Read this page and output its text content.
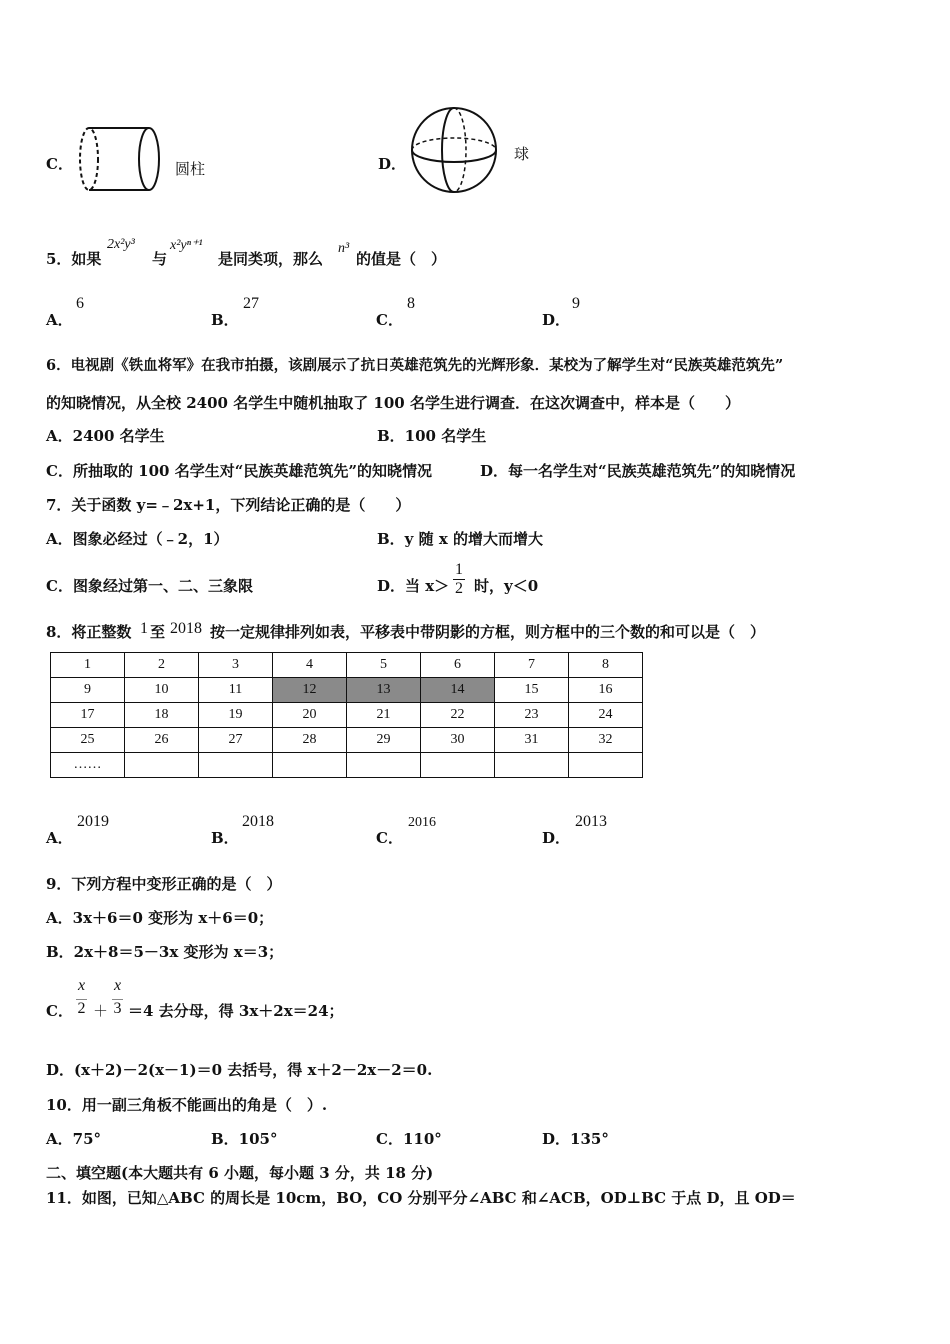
C．	圆柱	D．
球
5．如果
2x²y³
与
x²yⁿ⁺¹
是同类项，那么
n³
的值是（　）
A．
6
B．
27
C．
8
D．
9
6．电视剧《铁血将军》在我市拍摄，该剧展示了抗日英雄范筑先的光辉形象．某校为了解学生对“民族英雄范筑先”
的知晓情况，从全校 2400 名学生中随机抽取了 100 名学生进行调查．在这次调查中，样本是（　　）
A．2400 名学生	B．100 名学生
C．所抽取的 100 名学生对“民族英雄范筑先”的知晓情况	D．每一名学生对“民族英雄范筑先”的知晓情况
7．关于函数 y=﹣2x+1，下列结论正确的是（　　）
A．图象必经过（﹣2，1）	B．y 随 x 的增大而增大
C．图象经过第一、二、三象限	D．当 $x> \frac{1}{2}$ 时，y＜0
8．将正整数 1 至 2018 按一定规律排列如表，平移表中带阴影的方框，则方框中的三个数的和可以是（　）
1	2	3	4	5	6	7	8
9	10	11	12	13	14	15	16
17	18	19	20	21	22	23	24
25	26	27	28	29	30	31	32
……							
A．
2019
B．
2018
C．
2016
D．
2013
9．下列方程中变形正确的是（　）
A．3x＋6＝0 变形为 x＋6＝0；
B．2x＋8＝5－3x 变形为 x＝3；
C． $\frac{x}{2} + \frac{x}{3} =4$ 去分母，得 3x＋2x＝24；
D．(x＋2)－2(x－1)＝0 去括号，得 x＋2－2x－2＝0.
10．用一副三角板不能画出的角是（　）.
A．75°	B．105°	C．110°	D．135°
二、填空题(本大题共有 6 小题，每小题 3 分，共 18 分)
11．如图，已知△ABC 的周长是 10cm，BO，CO 分别平分∠ABC 和∠ACB，OD⊥BC 于点 D，且 OD＝
